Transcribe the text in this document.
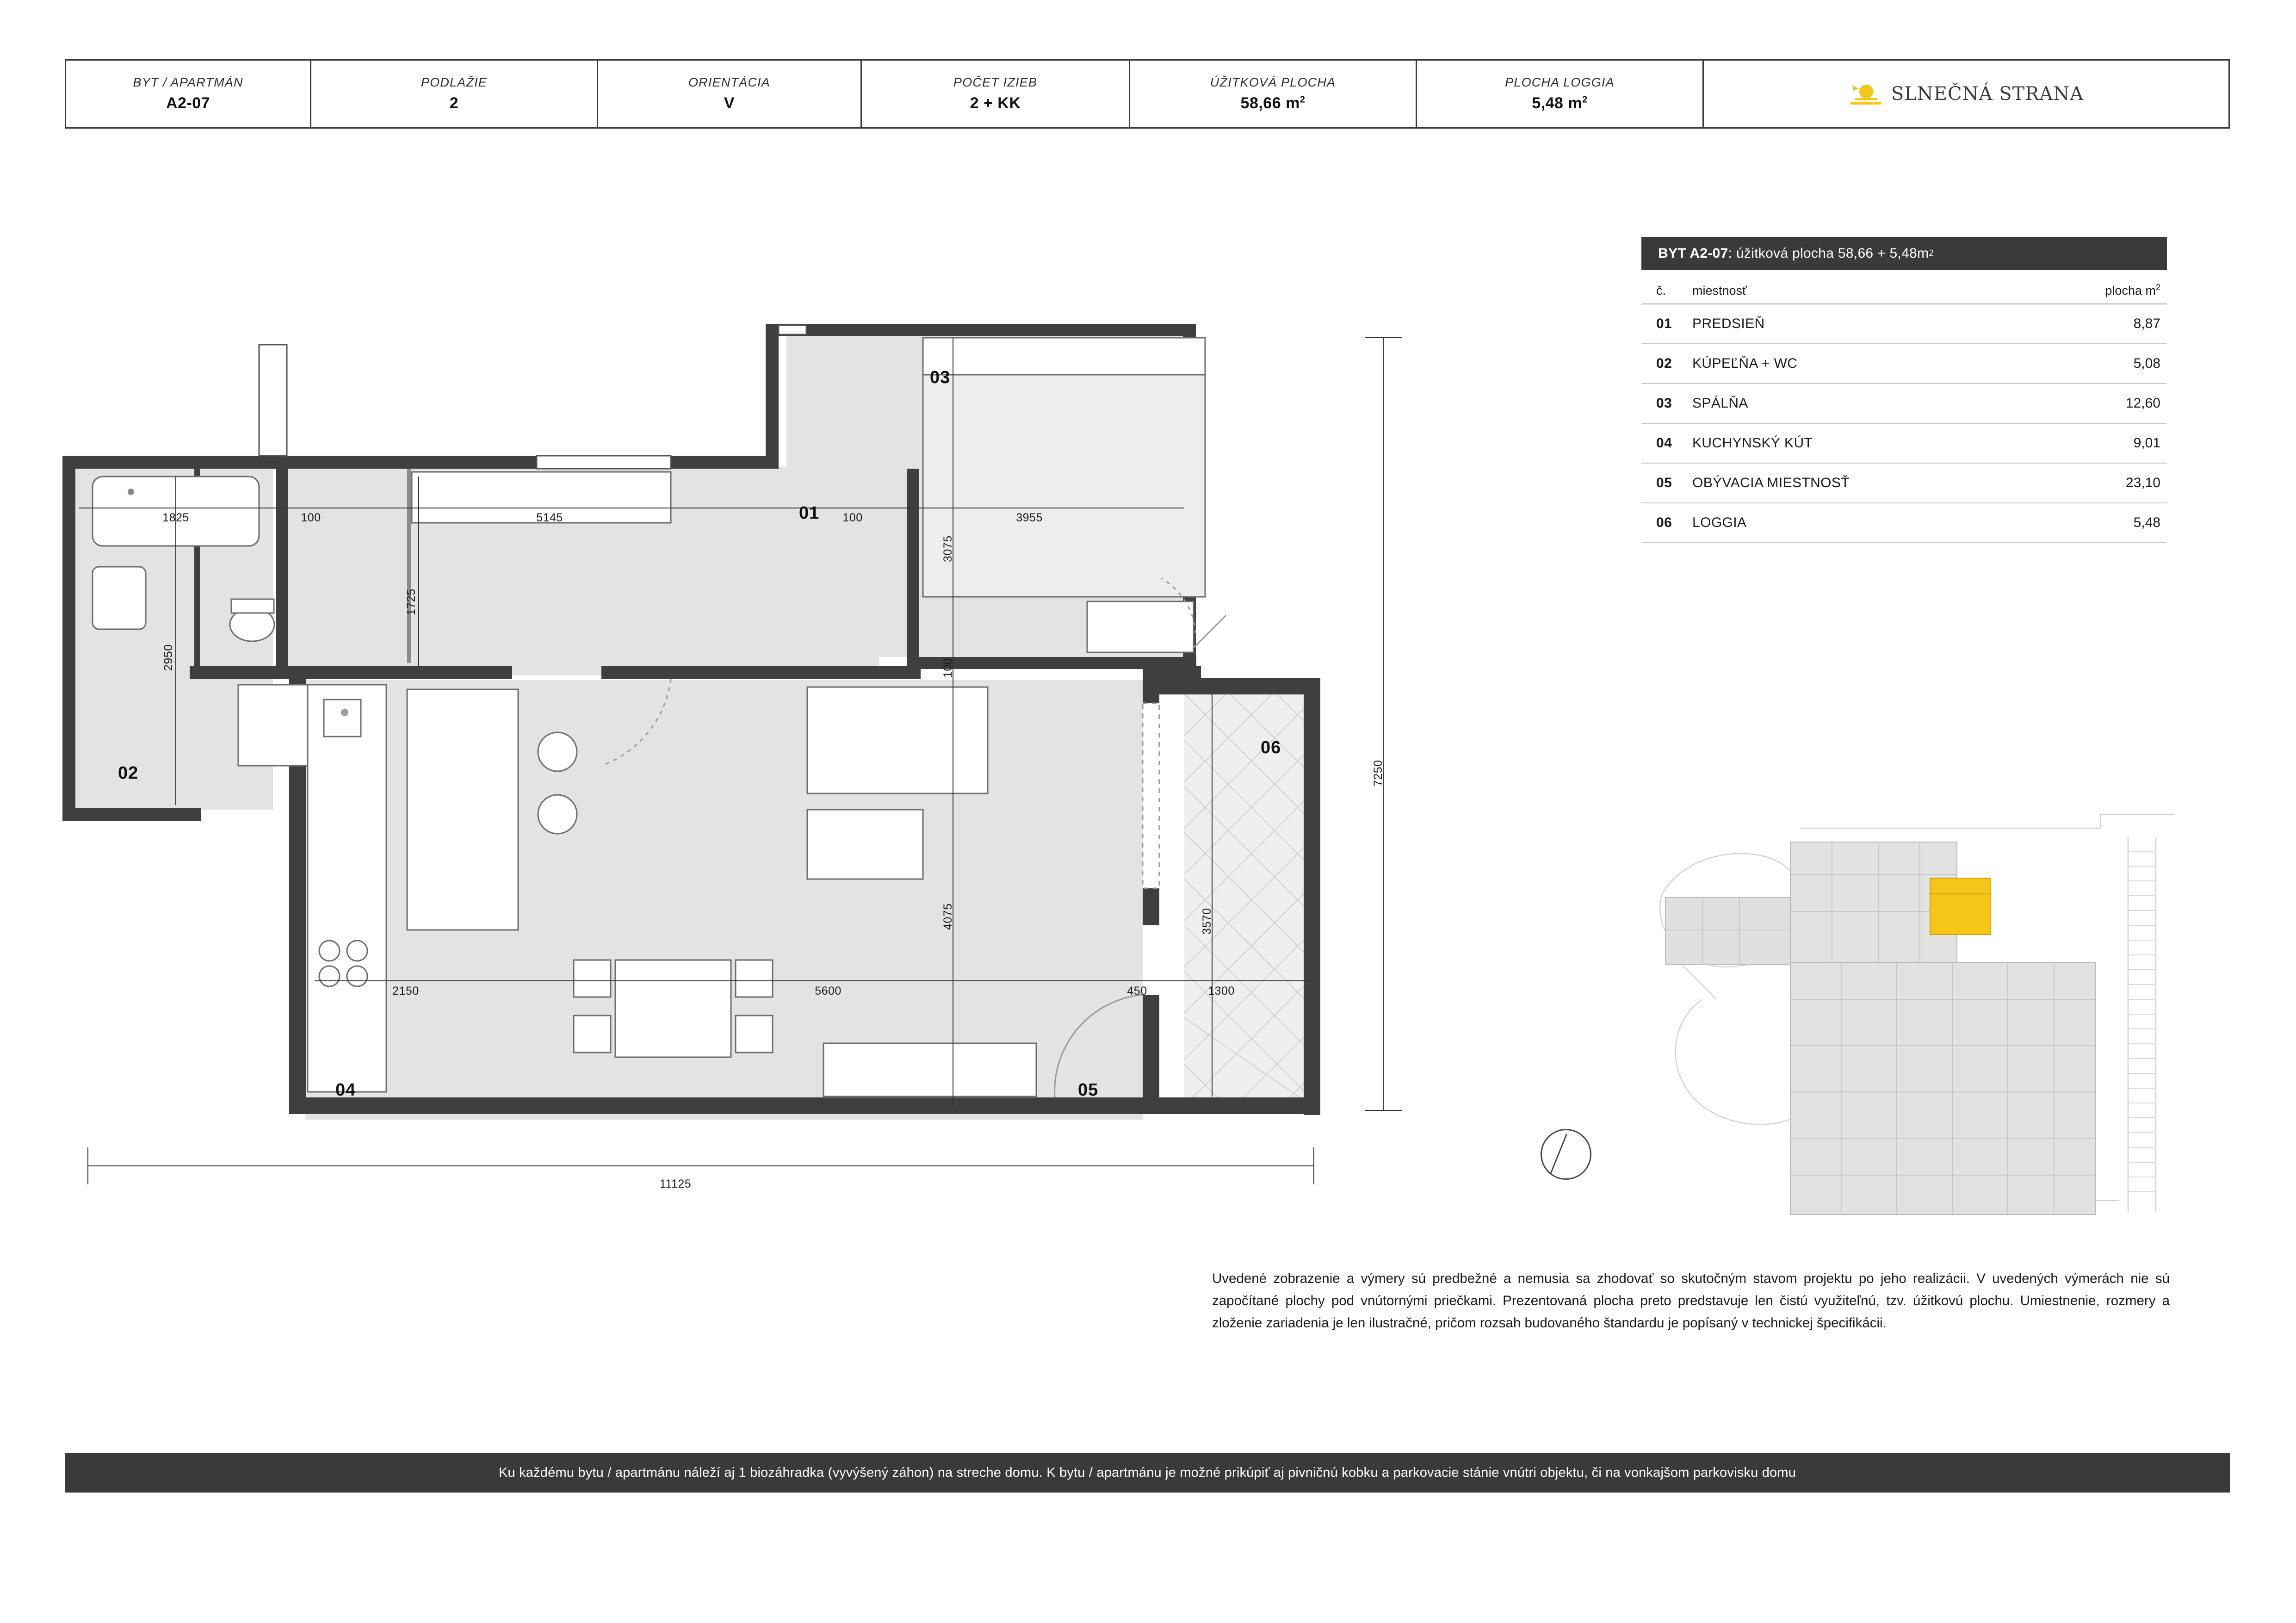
BYT / APARTMÁN
A2-07
PODLAŽIE
2
ORIENTÁCIA
V
POČET IZIEB
2 + KK
ÚŽITKOVÁ PLOCHA
58,66 $m^2$
PLOCHA LOGGIA
5,48 $m^2$	SLNEČNÁ STRANA
1825	100	5145	100	3955
2150	5600	450	1300
11125
2950
1725
100
3075
4075	3570
7250
01
02
03
04	05
06
BYT A2-07 : úžitková plocha 58,66 + 5,48m 2
č.	miestnosť	plocha $m^2$
01	PREDSIEŇ	8,87
02	KÚPEĽŇA + WC	5,08
03	SPÁLŇA	12,60
04	KUCHYNSKÝ KÚT	9,01
05	OBÝVACIA MIESTNOSŤ	23,10
06	LOGGIA	5,48
Uvedené zobrazenie a výmery sú predbežné a nemusia sa zhodovať so skutočným stavom projektu po jeho realizácii. V uvedených výmerách nie sú započítané plochy pod vnútornými priečkami. Prezentovaná plocha preto predstavuje len čistú využiteľnú, tzv. úžitkovú plochu. Umiestnenie, rozmery a zloženie zariadenia je len ilustračné, pričom rozsah budovaného štandardu je popísaný v technickej špecifikácii.
Ku každému bytu / apartmánu náleží aj 1 biozáhradka (vyvýšený záhon) na streche domu. K bytu / apartmánu je možné prikúpiť aj pivničnú kobku a parkovacie stánie vnútri objektu, či na vonkajšom parkovisku domu
